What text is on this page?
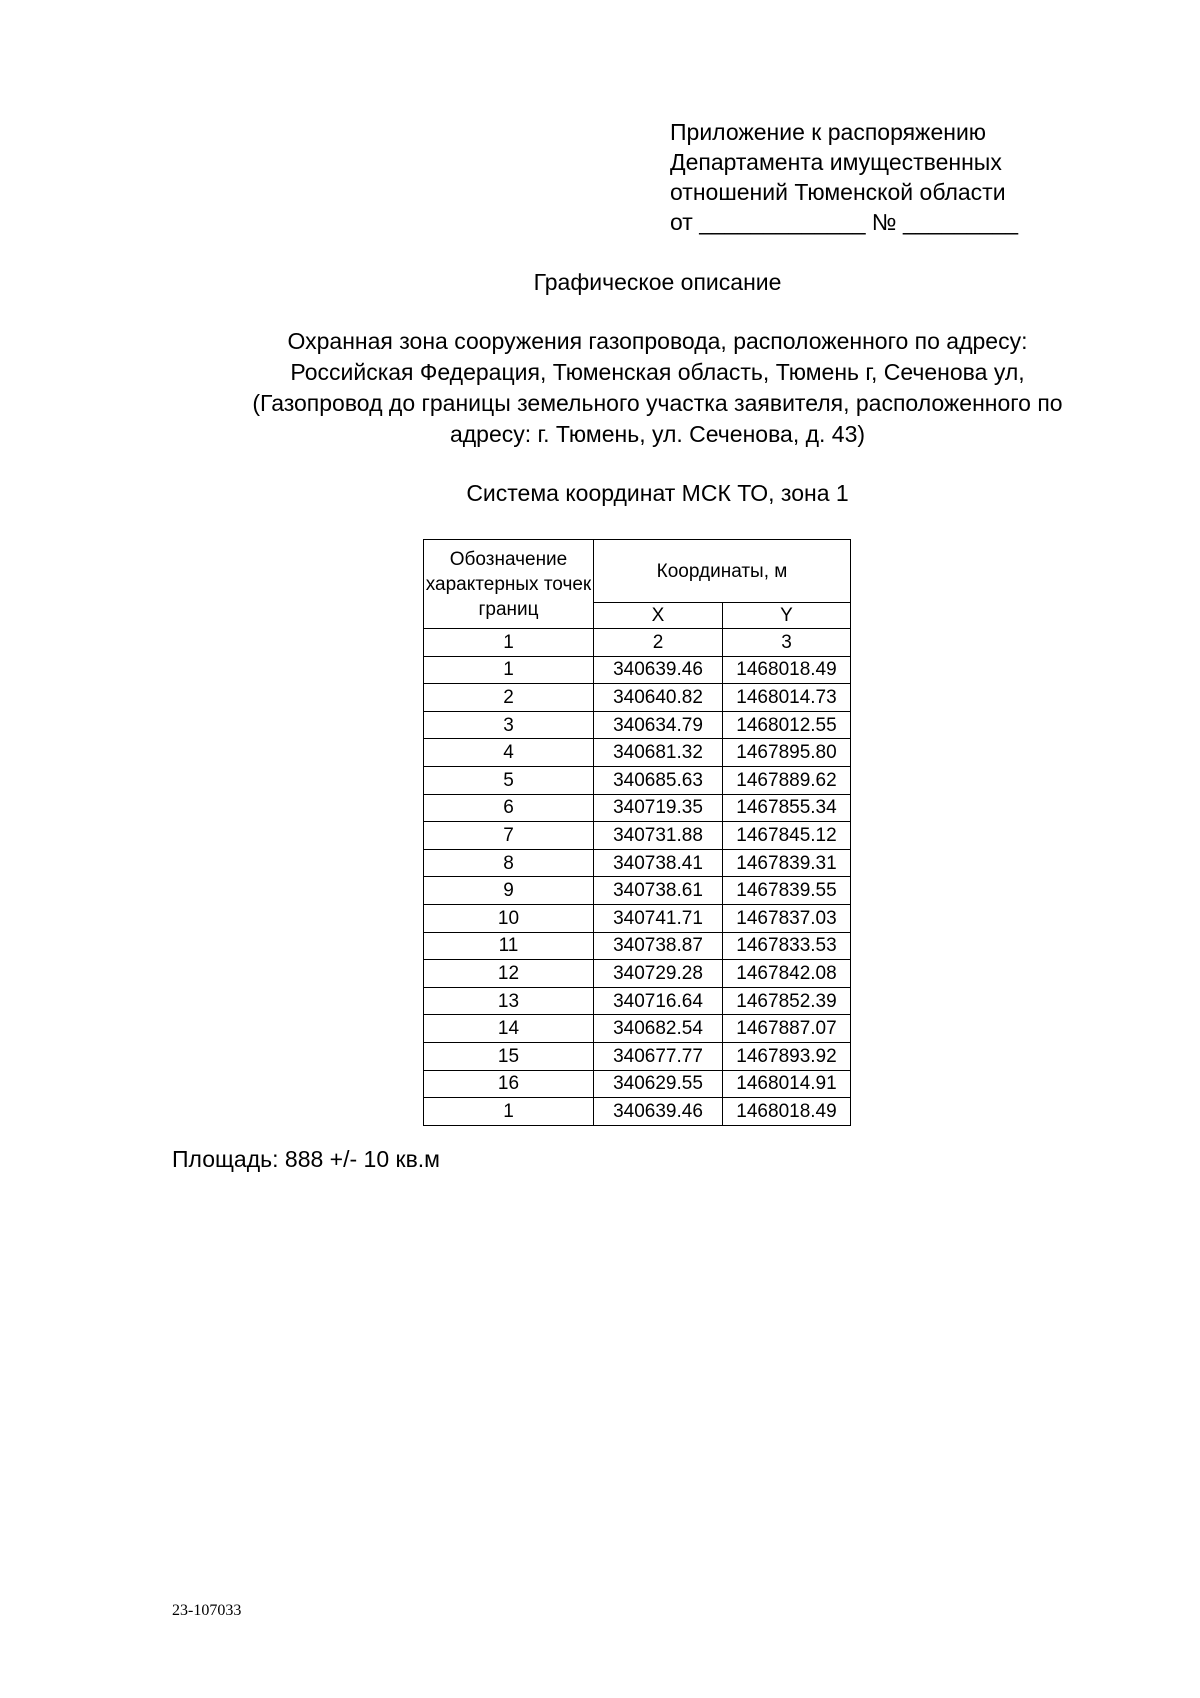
Приложение к распоряжению
Департамента имущественных
отношений Тюменской области
от _____________ № _________
Графическое описание
Охранная зона сооружения газопровода, расположенного по адресу:
Российская Федерация, Тюменская область, Тюмень г, Сеченова ул,
(Газопровод до границы земельного участка заявителя, расположенного по
адресу: г. Тюмень, ул. Сеченова, д. 43)
Система координат МСК ТО, зона 1
Обозначение характерных точек границ	Координаты, м	
	X	Y
1	2	3
1	340639.46	1468018.49
2	340640.82	1468014.73
3	340634.79	1468012.55
4	340681.32	1467895.80
5	340685.63	1467889.62
6	340719.35	1467855.34
7	340731.88	1467845.12
8	340738.41	1467839.31
9	340738.61	1467839.55
10	340741.71	1467837.03
11	340738.87	1467833.53
12	340729.28	1467842.08
13	340716.64	1467852.39
14	340682.54	1467887.07
15	340677.77	1467893.92
16	340629.55	1468014.91
1	340639.46	1468018.49
Площадь: 888 +/- 10 кв.м
23-107033
